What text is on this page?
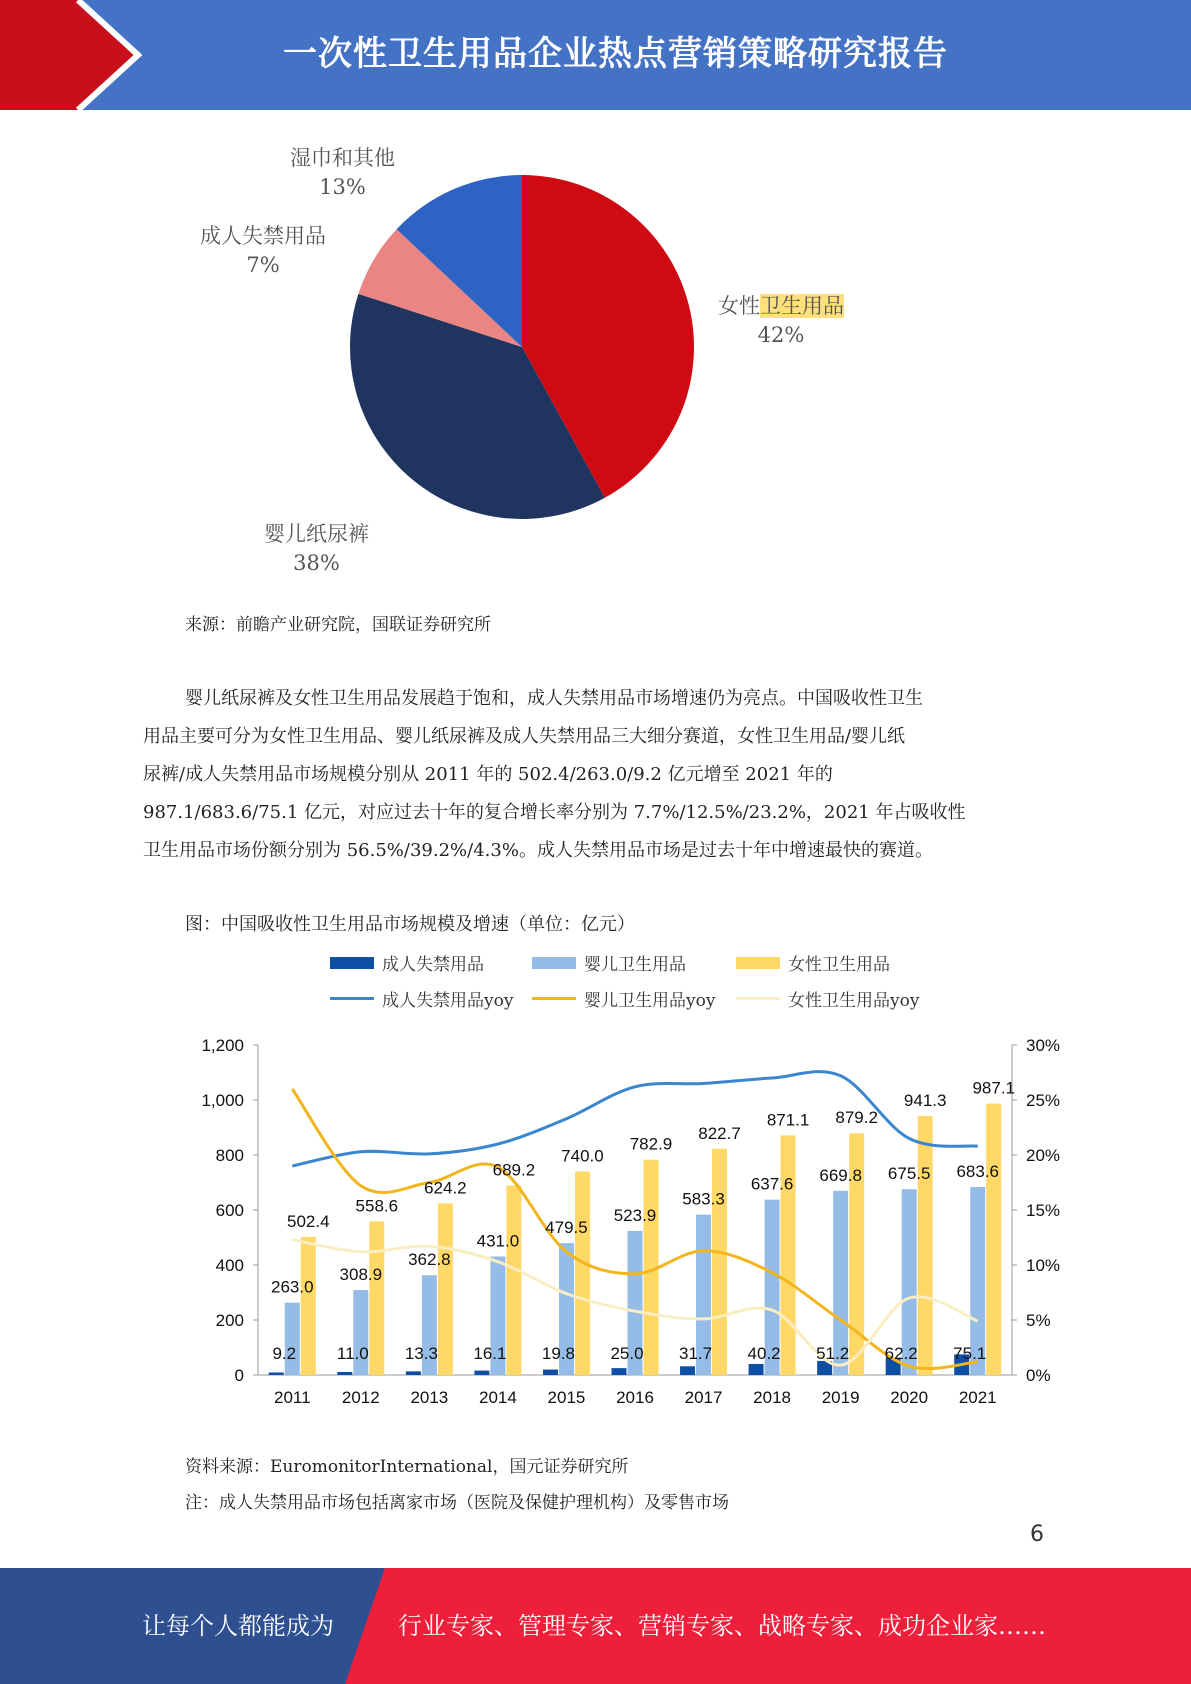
一次性卫生用品企业热点营销策略研究报告
湿巾和其他
13%
成人失禁用品
7%
女性卫生用品
42%
婴儿纸尿裤
38%
来源：前瞻产业研究院，国联证券研究所
婴儿纸尿裤及女性卫生用品发展趋于饱和，成人失禁用品市场增速仍为亮点。中国吸收性卫生
用品主要可分为女性卫生用品、婴儿纸尿裤及成人失禁用品三大细分赛道，女性卫生用品/婴儿纸
尿裤/成人失禁用品市场规模分别从 2011 年的 502.4/263.0/9.2 亿元增至 2021 年的
987.1/683.6/75.1 亿元，对应过去十年的复合增长率分别为 7.7%/12.5%/23.2%，2021 年占吸收性
卫生用品市场份额分别为 56.5%/39.2%/4.3%。成人失禁用品市场是过去十年中增速最快的赛道。
图：中国吸收性卫生用品市场规模及增速（单位：亿元）
成人失禁用品	婴儿卫生用品	女性卫生用品
成人失禁用品yoy	婴儿卫生用品yoy	女性卫生用品yoy
0
200
400
600
800
1,000
1,200
0%
5%
10%
15%
20%
25%
30%
2011 2012 2013 2014 2015 2016 2017 2018 2019 2020 2021
9.2
263.0
502.4
11.0
308.9
558.6
13.3
362.8
624.2
16.1
431.0
689.2
19.8
479.5
740.0
25.0
523.9
782.9
31.7
583.3
822.7
40.2
637.6
871.1
51.2
669.8
879.2
62.2
675.5
941.3
75.1
683.6
987.1
资料来源：EuromonitorInternational，国元证券研究所
注：成人失禁用品市场包括离家市场（医院及保健护理机构）及零售市场
6
让每个人都能成为	行业专家、管理专家、营销专家、战略专家、成功企业家……
